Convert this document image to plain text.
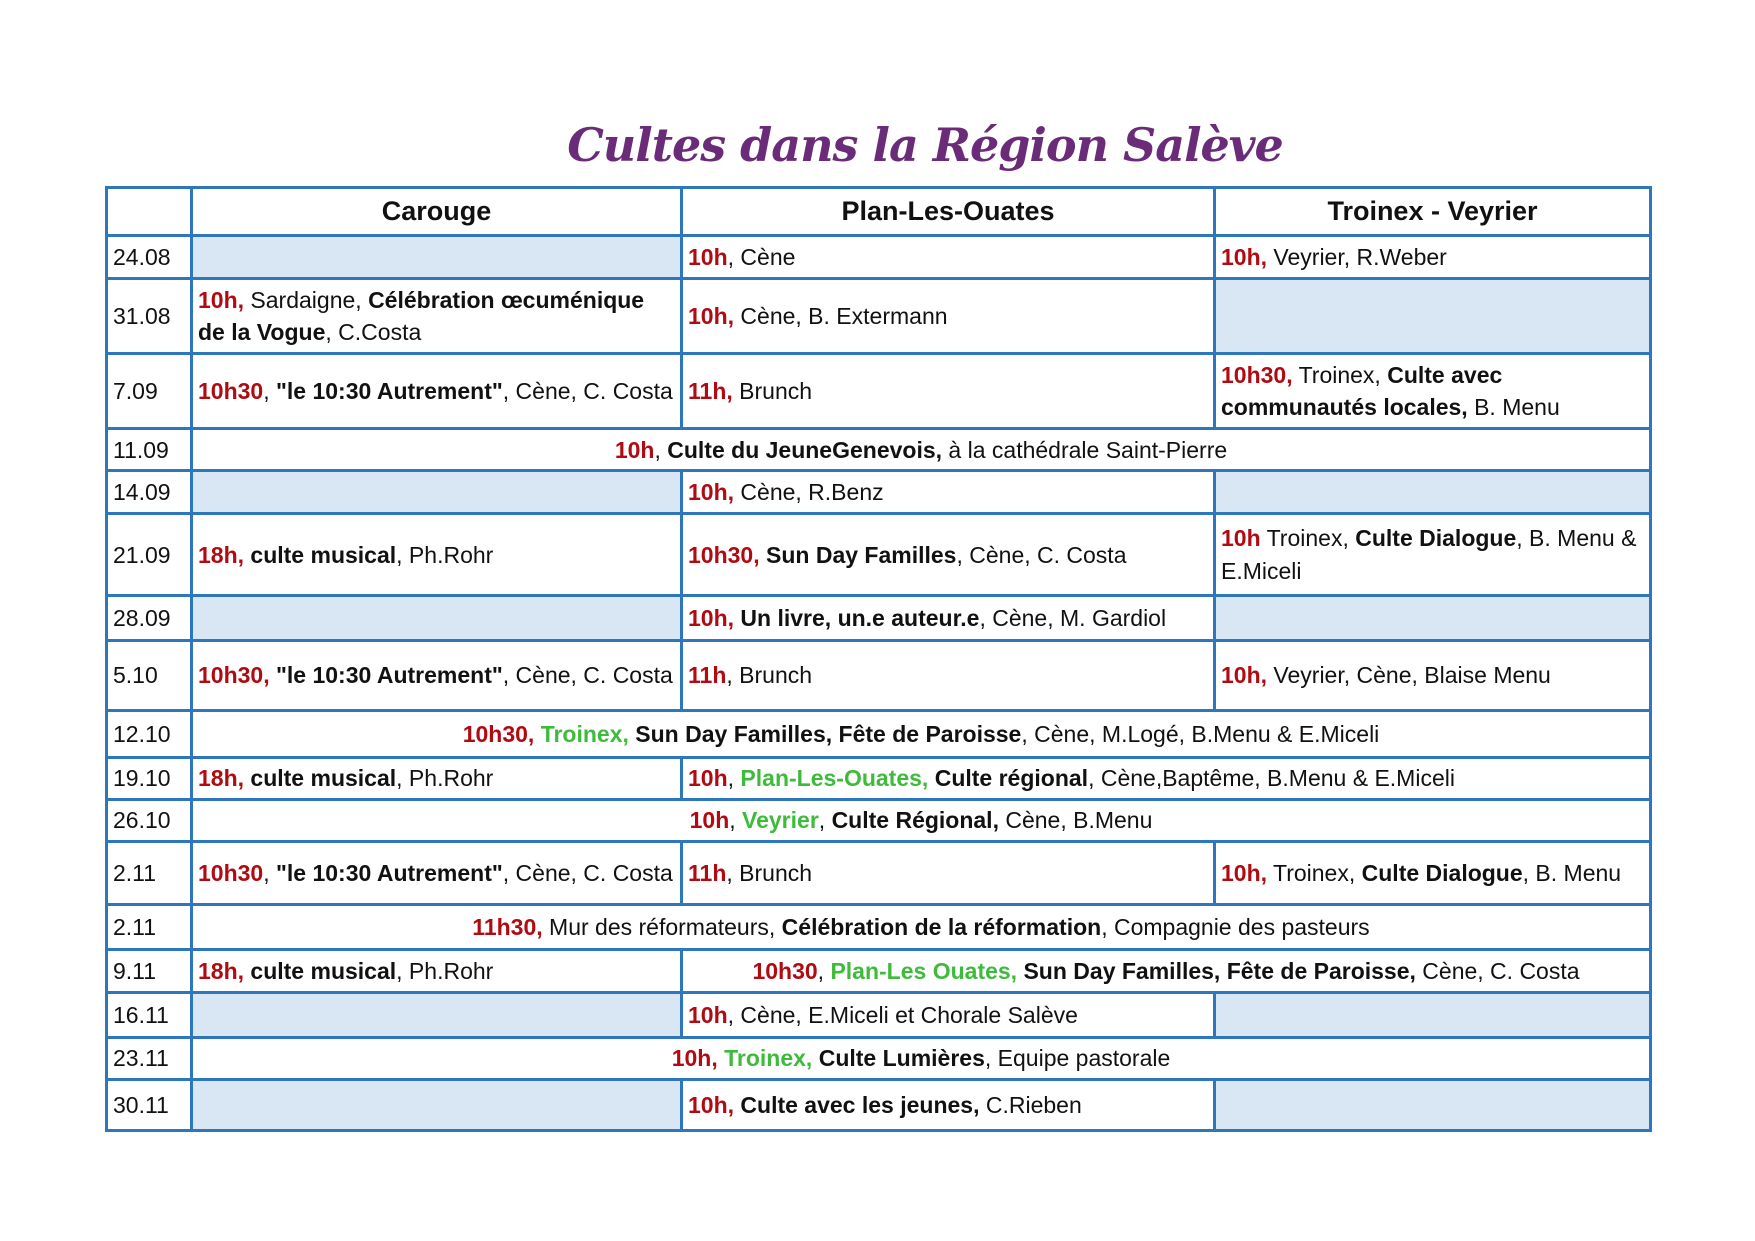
Cultes dans la Région Salève
	Carouge	Plan-Les-Ouates	Troinex - Veyrier
24.08		10h, Cène	10h, Veyrier, R.Weber
31.08	10h, Sardaigne, Célébration œcuménique de la Vogue, C.Costa	10h, Cène, B. Extermann	
7.09	10h30, "le 10:30 Autrement", Cène, C. Costa	11h, Brunch	10h30, Troinex, Culte avec communautés locales, B. Menu
11.09	10h, Culte du JeuneGenevois, à la cathédrale Saint-Pierre		
14.09		10h, Cène, R.Benz	
21.09	18h, culte musical, Ph.Rohr	10h30, Sun Day Familles, Cène, C. Costa	10h Troinex, Culte Dialogue, B. Menu & E.Miceli
28.09		10h, Un livre, un.e auteur.e, Cène, M. Gardiol	
5.10	10h30, "le 10:30 Autrement", Cène, C. Costa	11h, Brunch	10h, Veyrier, Cène, Blaise Menu
12.10	10h30, Troinex, Sun Day Familles, Fête de Paroisse, Cène, M.Logé, B.Menu & E.Miceli		
19.10	18h, culte musical, Ph.Rohr	10h, Plan-Les-Ouates, Culte régional, Cène,Baptême, B.Menu & E.Miceli	
26.10	10h, Veyrier, Culte Régional, Cène, B.Menu		
2.11	10h30, "le 10:30 Autrement", Cène, C. Costa	11h, Brunch	10h, Troinex, Culte Dialogue, B. Menu
2.11	11h30, Mur des réformateurs, Célébration de la réformation, Compagnie des pasteurs		
9.11	18h, culte musical, Ph.Rohr	10h30, Plan-Les Ouates, Sun Day Familles, Fête de Paroisse, Cène, C. Costa	
16.11		10h, Cène, E.Miceli et Chorale Salève	
23.11	10h, Troinex, Culte Lumières, Equipe pastorale		
30.11		10h, Culte avec les jeunes, C.Rieben	
